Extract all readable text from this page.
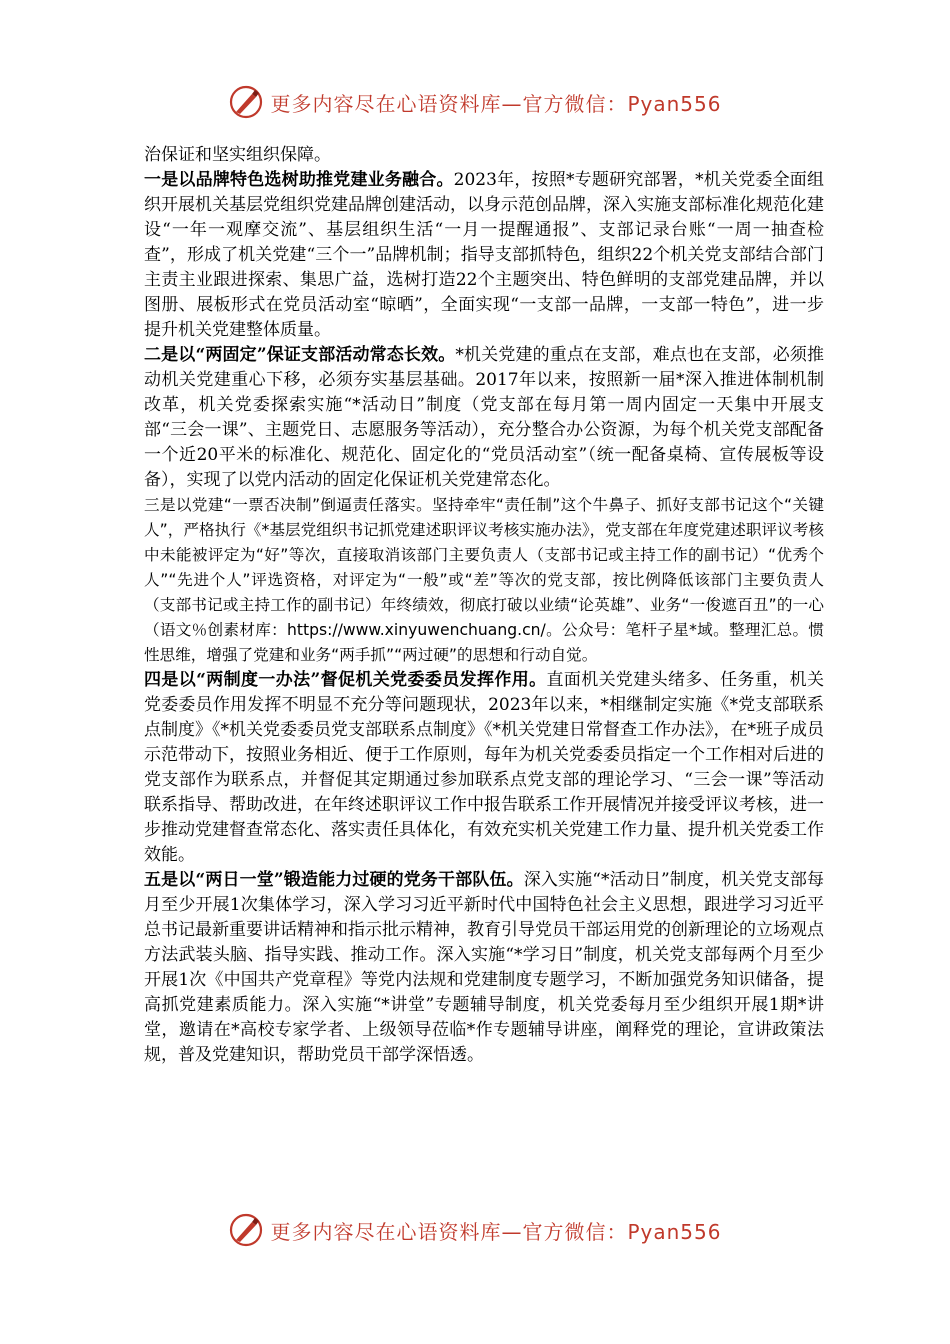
更多内容尽在心语资料库—官方微信：Pyan556

治保证和坚实组织保障。

一是以品牌特色选树助推党建业务融合。2023年，按照*专题研究部署，*机关党委全面组织开展机关基层党组织党建品牌创建活动，以身示范创品牌，深入实施支部标准化规范化建设“一年一观摩交流”、基层组织生活“一月一提醒通报”、支部记录台账“一周一抽查检查”，形成了机关党建“三个一”品牌机制；指导支部抓特色，组织22个机关党支部结合部门主责主业跟进探索、集思广益，选树打造22个主题突出、特色鲜明的支部党建品牌，并以图册、展板形式在党员活动室“晾晒”，全面实现“一支部一品牌，一支部一特色”，进一步提升机关党建整体质量。

二是以“两固定”保证支部活动常态长效。*机关党建的重点在支部，难点也在支部，必须推动机关党建重心下移，必须夯实基层基础。2017年以来，按照新一届*深入推进体制机制改革，机关党委探索实施“*活动日”制度（党支部在每月第一周内固定一天集中开展支部“三会一课”、主题党日、志愿服务等活动），充分整合办公资源，为每个机关党支部配备一个近20平米的标准化、规范化、固定化的“党员活动室”（统一配备桌椅、宣传展板等设备），实现了以党内活动的固定化保证机关党建常态化。

三是以党建“一票否决制”倒逼责任落实。坚持牵牢“责任制”这个牛鼻子、抓好支部书记这个“关键人”，严格执行《*基层党组织书记抓党建述职评议考核实施办法》，党支部在年度党建述职评议考核中未能被评定为“好”等次，直接取消该部门主要负责人（支部书记或主持工作的副书记）“优秀个人”“先进个人”评选资格，对评定为“一般”或“差”等次的党支部，按比例降低该部门主要负责人（支部书记或主持工作的副书记）年终绩效，彻底打破以业绩“论英雄”、业务“一俊遮百丑”的一心（语文％创素材库：https://www.xinyuwenchuang.cn/。公众号：笔杆子星*域。整理汇总。惯性思维，增强了党建和业务“两手抓”“两过硬”的思想和行动自觉。

四是以“两制度一办法”督促机关党委委员发挥作用。直面机关党建头绪多、任务重，机关党委委员作用发挥不明显不充分等问题现状，2023年以来，*相继制定实施《*党支部联系点制度》《*机关党委委员党支部联系点制度》《*机关党建日常督查工作办法》，在*班子成员示范带动下，按照业务相近、便于工作原则，每年为机关党委委员指定一个工作相对后进的党支部作为联系点，并督促其定期通过参加联系点党支部的理论学习、“三会一课”等活动联系指导、帮助改进，在年终述职评议工作中报告联系工作开展情况并接受评议考核，进一步推动党建督查常态化、落实责任具体化，有效充实机关党建工作力量、提升机关党委工作效能。

五是以“两日一堂”锻造能力过硬的党务干部队伍。深入实施“*活动日”制度，机关党支部每月至少开展1次集体学习，深入学习习近平新时代中国特色社会主义思想，跟进学习习近平总书记最新重要讲话精神和指示批示精神，教育引导党员干部运用党的创新理论的立场观点方法武装头脑、指导实践、推动工作。深入实施“*学习日”制度，机关党支部每两个月至少开展1次《中国共产党章程》等党内法规和党建制度专题学习，不断加强党务知识储备，提高抓党建素质能力。深入实施“*讲堂”专题辅导制度，机关党委每月至少组织开展1期*讲堂，邀请在*高校专家学者、上级领导莅临*作专题辅导讲座，阐释党的理论，宣讲政策法规，普及党建知识，帮助党员干部学深悟透。

更多内容尽在心语资料库—官方微信：Pyan556
